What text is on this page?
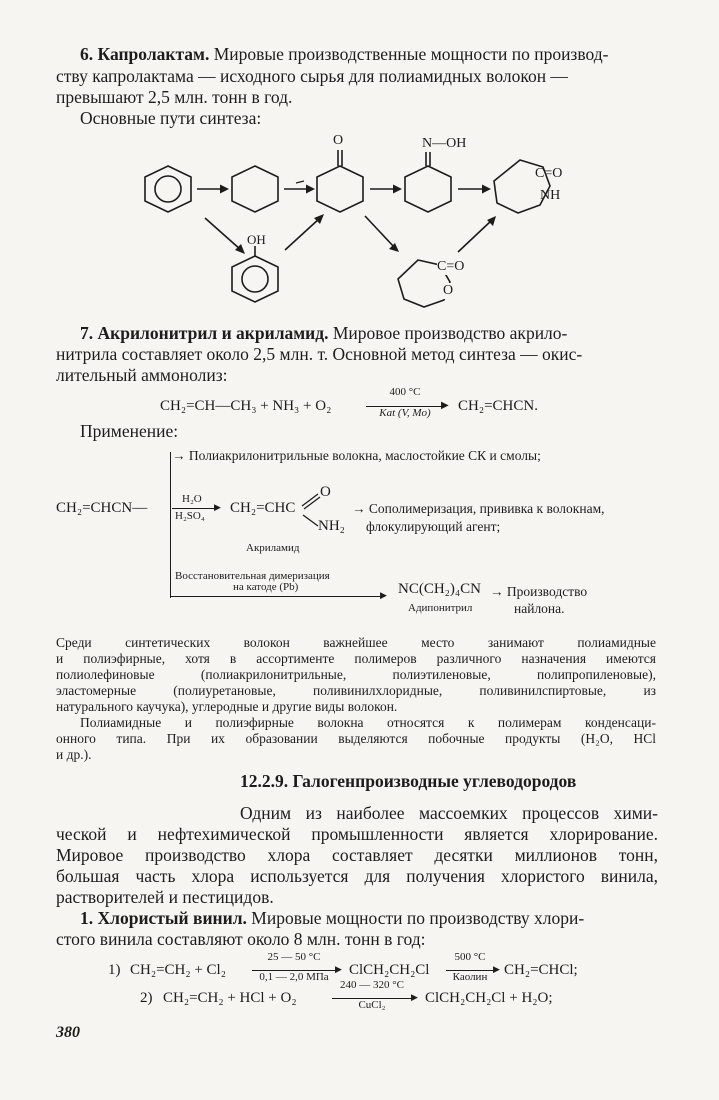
6. Капролактам. Мировые производственные мощности по производ-
ству капролактама — исходного сырья для полиамидных волокон —
превышают 2,5 млн. тонн в год.
Основные пути синтеза:
OH
O	N—OH
C=O
NH
C=O
O
7. Акрилонитрил и акриламид. Мировое производство акрило-
нитрила составляет около 2,5 млн. т. Основной метод синтеза — окис-
лительный аммонолиз:
CH₂=CH—CH₃ + NH₃ + O₂
400 °C
▶
Kat (V, Mo)	CH₂=CHCN.
Применение:
CH₂=CHCN—
→ Полиакрилонитрильные волокна, маслостойкие СК и смолы;
H₂O
▶
H₂SO₄ CH₂=CHC
O
NH₂
→ Сополимеризация, прививка к волокнам,
флокулирующий агент;
Акриламид
Восстановительная димеризация
на катоде (Pb)
▶ NC(CH₂)₄CN
Адипонитрил
→ Производство
найлона.
Среди синтетических волокон важнейшее место занимают полиамидные
и полиэфирные, хотя в ассортименте полимеров различного назначения имеются
полиолефиновые (полиакрилонитрильные, полиэтиленовые, полипропиленовые),
эластомерные (полиуретановые, поливинилхлоридные, поливинилспиртовые, из
натурального каучука), углеродные и другие виды волокон.
Полиамидные и полиэфирные волокна относятся к полимерам конденсаци-
онного типа. При их образовании выделяются побочные продукты (H₂O, HCl
и др.).
12.2.9. Галогенпроизводные углеводородов
Одним из наиболее массоемких процессов хими-
ческой и нефтехимической промышленности является хлорирование.
Мировое производство хлора составляет десятки миллионов тонн,
большая часть хлора используется для получения хлористого винила,
растворителей и пестицидов.
1. Хлористый винил. Мировые мощности по производству хлори-
стого винила составляют около 8 млн. тонн в год:
1) CH₂=CH₂ + Cl₂
25 — 50 °C
▶
0,1 — 2,0 МПа	ClCH₂CH₂Cl
500 °C
▶
Каолин	CH₂=CHCl;
2) CH₂=CH₂ + HCl + O₂
240 — 320 °C
▶
CuCl₂	ClCH₂CH₂Cl + H₂O;
380
